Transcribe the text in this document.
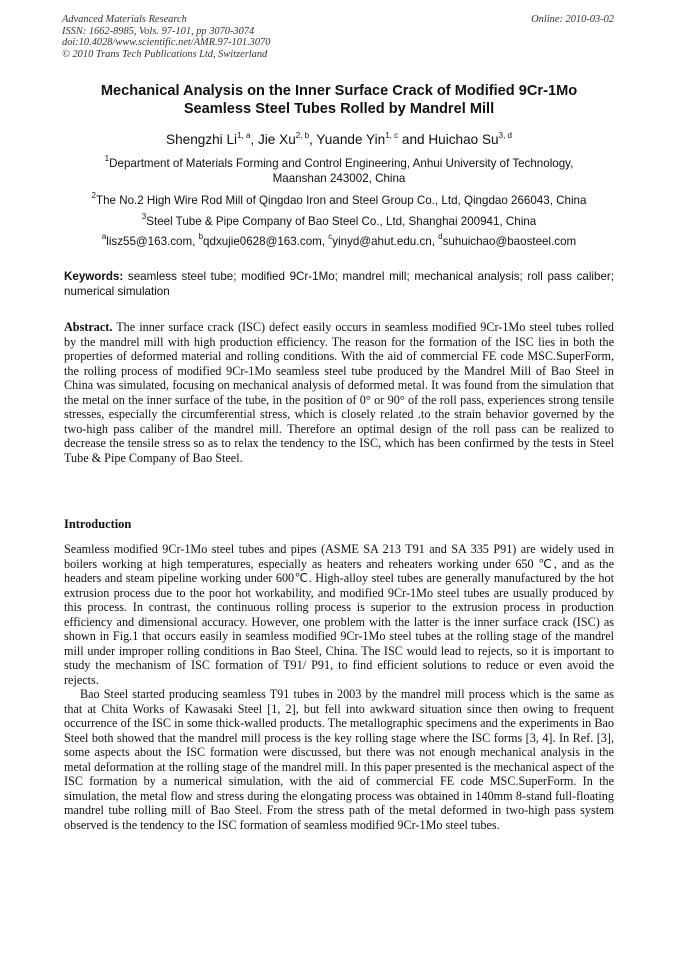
Advanced Materials Research
ISSN: 1662-8985, Vols. 97-101, pp 3070-3074
doi:10.4028/www.scientific.net/AMR.97-101.3070
© 2010 Trans Tech Publications Ltd, Switzerland
Online: 2010-03-02
Mechanical Analysis on the Inner Surface Crack of Modified 9Cr-1Mo
Seamless Steel Tubes Rolled by Mandrel Mill
Shengzhi Li$^{1, a}$, Jie Xu$^{2, b}$, Yuande Yin$^{1, c}$ and Huichao Su$^{3, d}$
$^1$Department of Materials Forming and Control Engineering, Anhui University of Technology,
Maanshan 243002, China
$^2$The No.2 High Wire Rod Mill of Qingdao Iron and Steel Group Co., Ltd, Qingdao 266043, China
$^3$Steel Tube & Pipe Company of Bao Steel Co., Ltd, Shanghai 200941, China
$^a$lisz55@163.com, $^b$qdxujie0628@163.com, $^c$yinyd@ahut.edu.cn, $^d$suhuichao@baosteel.com
Keywords: seamless steel tube; modified 9Cr-1Mo; mandrel mill; mechanical analysis; roll pass caliber; numerical simulation
Abstract. The inner surface crack (ISC) defect easily occurs in seamless modified 9Cr-1Mo steel tubes rolled by the mandrel mill with high production efficiency. The reason for the formation of the ISC lies in both the properties of deformed material and rolling conditions. With the aid of commercial FE code MSC.SuperForm, the rolling process of modified 9Cr-1Mo seamless steel tube produced by the Mandrel Mill of Bao Steel in China was simulated, focusing on mechanical analysis of deformed metal. It was found from the simulation that the metal on the inner surface of the tube, in the position of 0° or 90° of the roll pass, experiences strong tensile stresses, especially the circumferential stress, which is closely related .to the strain behavior governed by the two-high pass caliber of the mandrel mill. Therefore an optimal design of the roll pass can be realized to decrease the tensile stress so as to relax the tendency to the ISC, which has been confirmed by the tests in Steel Tube & Pipe Company of Bao Steel.
Introduction
Seamless modified 9Cr-1Mo steel tubes and pipes (ASME SA 213 T91 and SA 335 P91) are widely used in boilers working at high temperatures, especially as heaters and reheaters working under 650 ℃, and as the headers and steam pipeline working under 600℃. High-alloy steel tubes are generally manufactured by the hot extrusion process due to the poor hot workability, and modified 9Cr-1Mo steel tubes are usually produced by this process. In contrast, the continuous rolling process is superior to the extrusion process in production efficiency and dimensional accuracy. However, one problem with the latter is the inner surface crack (ISC) as shown in Fig.1 that occurs easily in seamless modified 9Cr-1Mo steel tubes at the rolling stage of the mandrel mill under improper rolling conditions in Bao Steel, China. The ISC would lead to rejects, so it is important to study the mechanism of ISC formation of T91/ P91, to find efficient solutions to reduce or even avoid the rejects.
Bao Steel started producing seamless T91 tubes in 2003 by the mandrel mill process which is the same as that at Chita Works of Kawasaki Steel [1, 2], but fell into awkward situation since then owing to frequent occurrence of the ISC in some thick-walled products. The metallographic specimens and the experiments in Bao Steel both showed that the mandrel mill process is the key rolling stage where the ISC forms [3, 4]. In Ref. [3], some aspects about the ISC formation were discussed, but there was not enough mechanical analysis in the metal deformation at the rolling stage of the mandrel mill. In this paper presented is the mechanical aspect of the ISC formation by a numerical simulation, with the aid of commercial FE code MSC.SuperForm. In the simulation, the metal flow and stress during the elongating process was obtained in 140mm 8-stand full-floating mandrel tube rolling mill of Bao Steel. From the stress path of the metal deformed in two-high pass system observed is the tendency to the ISC formation of seamless modified 9Cr-1Mo steel tubes.
